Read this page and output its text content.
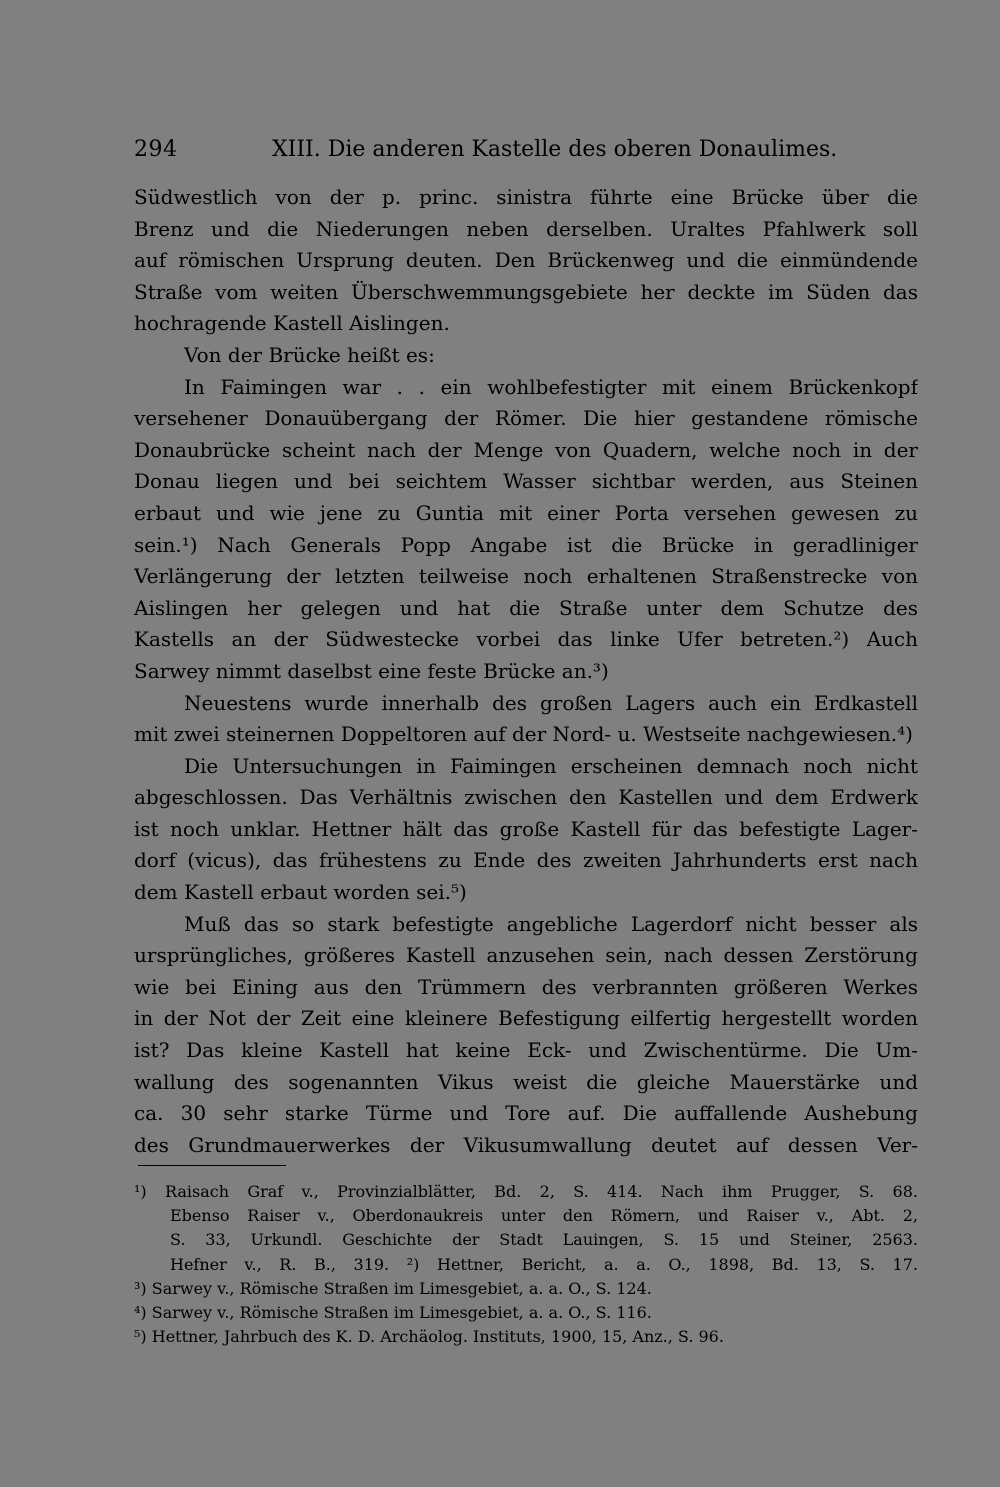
294	XIII. Die anderen Kastelle des oberen Donaulimes.
Südwestlich von der p. princ. sinistra führte eine Brücke über die
Brenz und die Niederungen neben derselben. Uraltes Pfahlwerk soll
auf römischen Ursprung deuten. Den Brückenweg und die einmündende
Straße vom weiten Überschwemmungsgebiete her deckte im Süden das
hochragende Kastell Aislingen.
Von der Brücke heißt es:
In Faimingen war . . ein wohlbefestigter mit einem Brückenkopf
versehener Donauübergang der Römer. Die hier gestandene römische
Donaubrücke scheint nach der Menge von Quadern, welche noch in der
Donau liegen und bei seichtem Wasser sichtbar werden, aus Steinen
erbaut und wie jene zu Guntia mit einer Porta versehen gewesen zu
sein.¹) Nach Generals Popp Angabe ist die Brücke in geradliniger
Verlängerung der letzten teilweise noch erhaltenen Straßenstrecke von
Aislingen her gelegen und hat die Straße unter dem Schutze des
Kastells an der Südwestecke vorbei das linke Ufer betreten.²) Auch
Sarwey nimmt daselbst eine feste Brücke an.³)
Neuestens wurde innerhalb des großen Lagers auch ein Erdkastell
mit zwei steinernen Doppeltoren auf der Nord- u. Westseite nachgewiesen.⁴)
Die Untersuchungen in Faimingen erscheinen demnach noch nicht
abgeschlossen. Das Verhältnis zwischen den Kastellen und dem Erdwerk
ist noch unklar. Hettner hält das große Kastell für das befestigte Lager-
dorf (vicus), das frühestens zu Ende des zweiten Jahrhunderts erst nach
dem Kastell erbaut worden sei.⁵)
Muß das so stark befestigte angebliche Lagerdorf nicht besser als
ursprüngliches, größeres Kastell anzusehen sein, nach dessen Zerstörung
wie bei Eining aus den Trümmern des verbrannten größeren Werkes
in der Not der Zeit eine kleinere Befestigung eilfertig hergestellt worden
ist? Das kleine Kastell hat keine Eck- und Zwischentürme. Die Um-
wallung des sogenannten Vikus weist die gleiche Mauerstärke und
ca. 30 sehr starke Türme und Tore auf. Die auffallende Aushebung
des Grundmauerwerkes der Vikusumwallung deutet auf dessen Ver-
¹) Raisach Graf v., Provinzialblätter, Bd. 2, S. 414. Nach ihm Prugger, S. 68.
Ebenso Raiser v., Oberdonaukreis unter den Römern, und Raiser v., Abt. 2,
S. 33, Urkundl. Geschichte der Stadt Lauingen, S. 15 und Steiner, 2563.
Hefner v., R. B., 319. ²) Hettner, Bericht, a. a. O., 1898, Bd. 13, S. 17.
³) Sarwey v., Römische Straßen im Limesgebiet, a. a. O., S. 124.
⁴) Sarwey v., Römische Straßen im Limesgebiet, a. a. O., S. 116.
⁵) Hettner, Jahrbuch des K. D. Archäolog. Instituts, 1900, 15, Anz., S. 96.
